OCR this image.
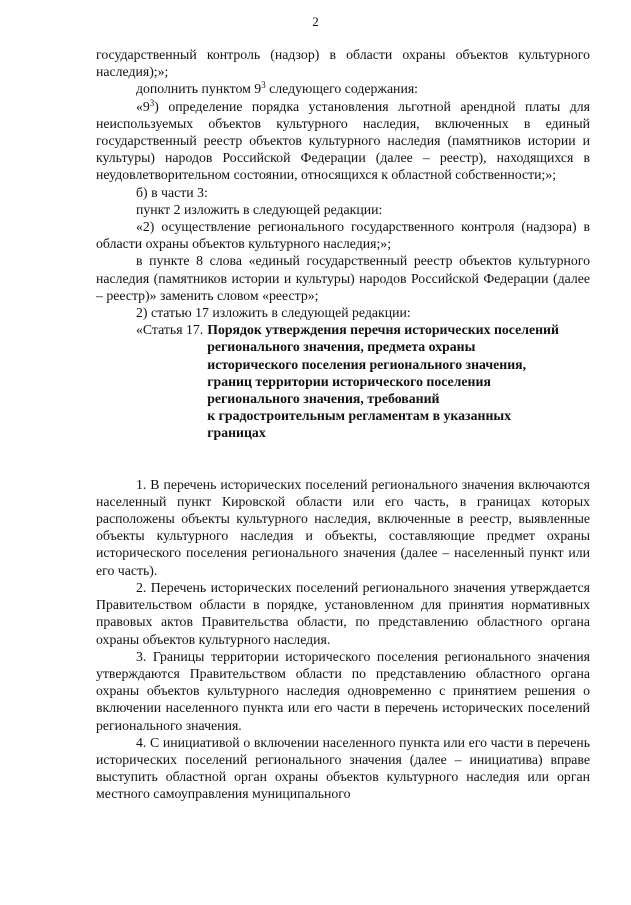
2

государственный контроль (надзор) в области охраны объектов культурного наследия);»;

дополнить пунктом $9^3$ следующего содержания:

«$9^3$) определение порядка установления льготной арендной платы для неиспользуемых объектов культурного наследия, включенных в единый государственный реестр объектов культурного наследия (памятников истории и культуры) народов Российской Федерации (далее – реестр), находящихся в неудовлетворительном состоянии, относящихся к областной собственности;»;

б) в части 3:

пункт 2 изложить в следующей редакции:

«2) осуществление регионального государственного контроля (надзора) в области охраны объектов культурного наследия;»;

в пункте 8 слова «единый государственный реестр объектов культурного наследия (памятников истории и культуры) народов Российской Федерации (далее – реестр)» заменить словом «реестр»;

2) статью 17 изложить в следующей редакции:

«Статья 17. Порядок утверждения перечня исторических поселений
регионального значения, предмета охраны
исторического поселения регионального значения,
границ территории исторического поселения
регионального значения, требований
к градостроительным регламентам в указанных
границах

1. В перечень исторических поселений регионального значения включаются населенный пункт Кировской области или его часть, в границах которых расположены объекты культурного наследия, включенные в реестр, выявленные объекты культурного наследия и объекты, составляющие предмет охраны исторического поселения регионального значения (далее – населенный пункт или его часть).

2. Перечень исторических поселений регионального значения утверждается Правительством области в порядке, установленном для принятия нормативных правовых актов Правительства области, по представлению областного органа охраны объектов культурного наследия.

3. Границы территории исторического поселения регионального значения утверждаются Правительством области по представлению областного органа охраны объектов культурного наследия одновременно с принятием решения о включении населенного пункта или его части в перечень исторических поселений регионального значения.

4. С инициативой о включении населенного пункта или его части в перечень исторических поселений регионального значения (далее – инициатива) вправе выступить областной орган охраны объектов культурного наследия или орган местного самоуправления муниципального
